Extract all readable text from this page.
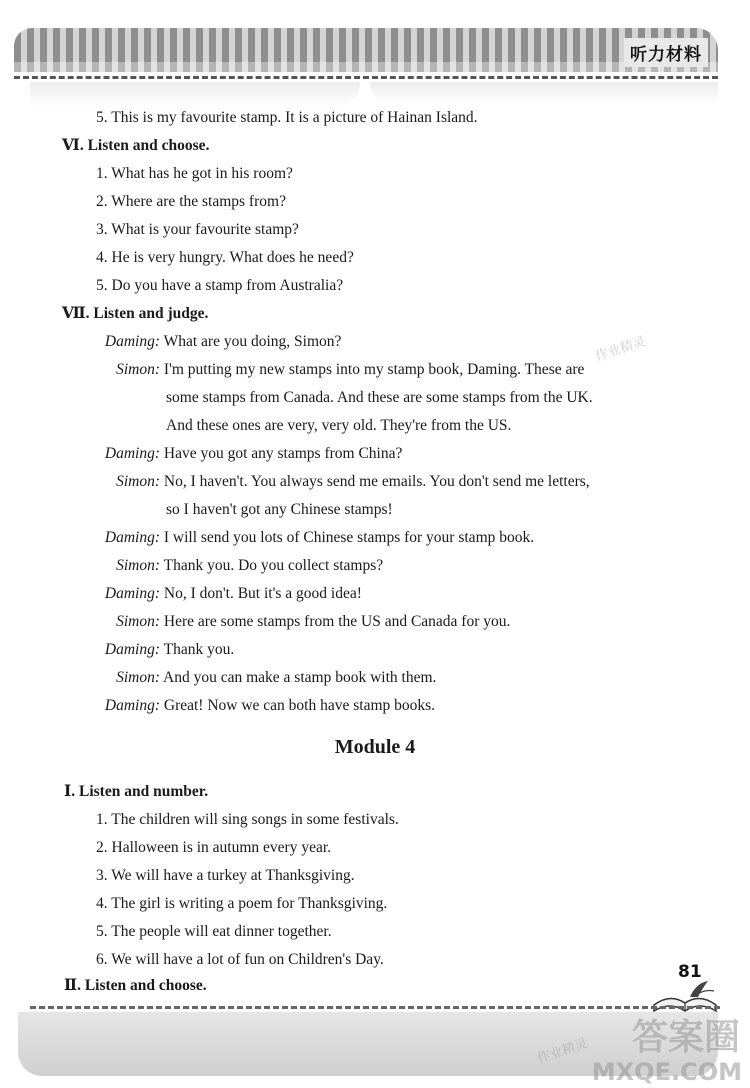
听力材料
5. This is my favourite stamp. It is a picture of Hainan Island.
Ⅵ. Listen and choose.
1. What has he got in his room?
2. Where are the stamps from?
3. What is your favourite stamp?
4. He is very hungry. What does he need?
5. Do you have a stamp from Australia?
Ⅶ. Listen and judge.
Daming: What are you doing, Simon?
Simon: I'm putting my new stamps into my stamp book, Daming. These are
some stamps from Canada. And these are some stamps from the UK.
And these ones are very, very old. They're from the US.
Daming: Have you got any stamps from China?
Simon: No, I haven't. You always send me emails. You don't send me letters,
so I haven't got any Chinese stamps!
Daming: I will send you lots of Chinese stamps for your stamp book.
Simon: Thank you. Do you collect stamps?
Daming: No, I don't. But it's a good idea!
Simon: Here are some stamps from the US and Canada for you.
Daming: Thank you.
Simon: And you can make a stamp book with them.
Daming: Great! Now we can both have stamp books.
Module 4
Ⅰ. Listen and number.
1. The children will sing songs in some festivals.
2. Halloween is in autumn every year.
3. We will have a turkey at Thanksgiving.
4. The girl is writing a poem for Thanksgiving.
5. The people will eat dinner together.
6. We will have a lot of fun on Children's Day.
Ⅱ. Listen and choose.
81
作业精灵
作业精灵 答案圈
MXQE.COM
